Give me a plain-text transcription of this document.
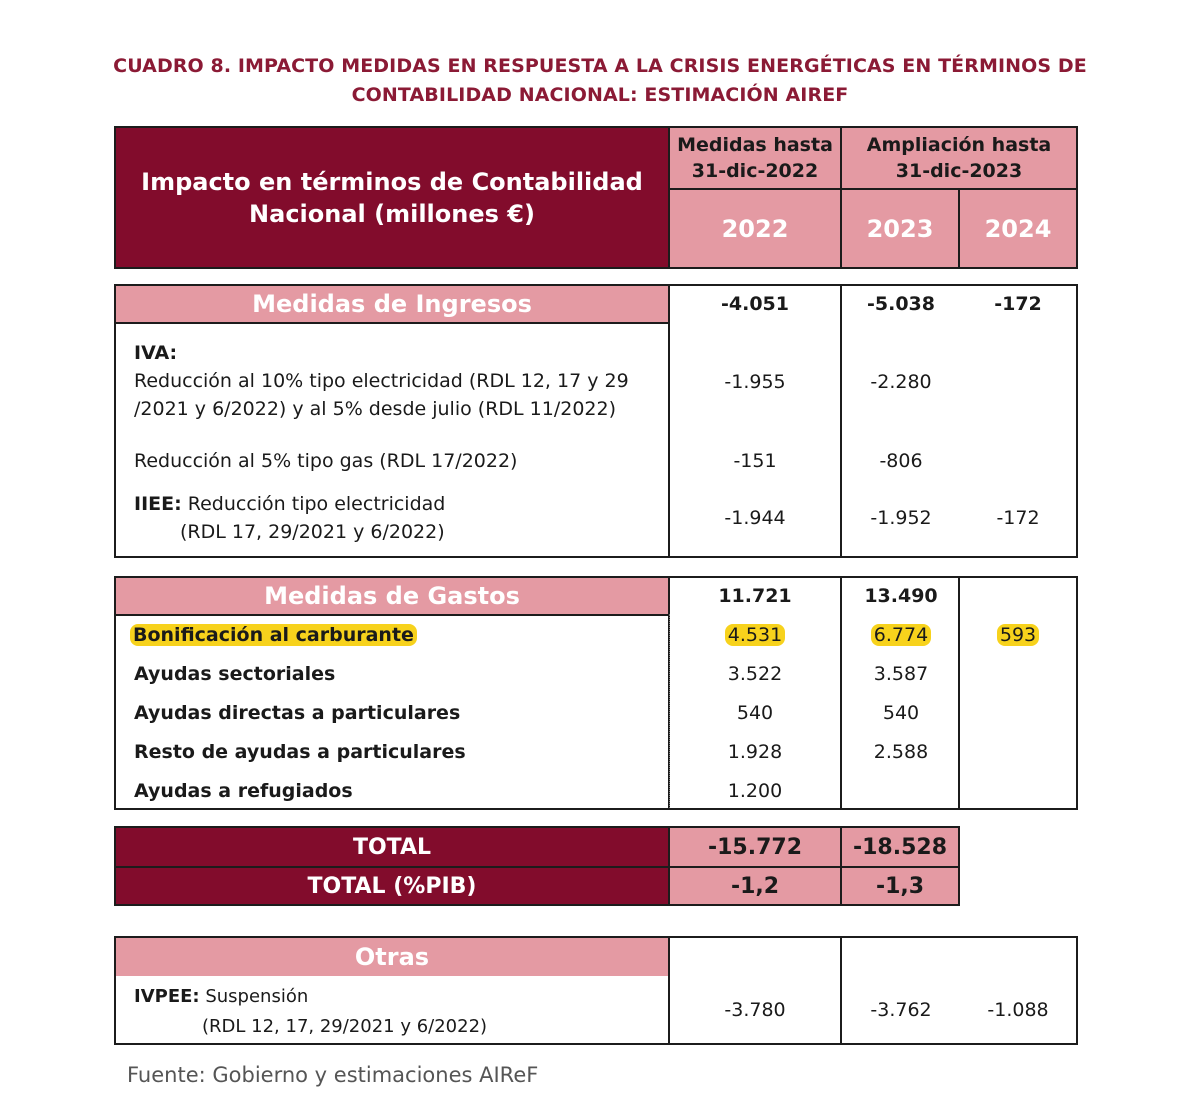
CUADRO 8. IMPACTO MEDIDAS EN RESPUESTA A LA CRISIS ENERGÉTICAS EN TÉRMINOS DE
CONTABILIDAD NACIONAL: ESTIMACIÓN AIREF
Impacto en términos de Contabilidad
Nacional (millones €)
Medidas hasta
31-dic-2022
Ampliación hasta
31-dic-2023
2022	2023	2024
Medidas de Ingresos	-4.051	-5.038	-172
IVA:
Reducción al 10% tipo electricidad (RDL 12, 17 y 29
/2021 y 6/2022) y al 5% desde julio (RDL 11/2022)
-1.955	-2.280
Reducción al 5% tipo gas (RDL 17/2022)	-151	-806
IIEE: Reducción tipo electricidad
(RDL 17, 29/2021 y 6/2022)
-1.944	-1.952	-172
Medidas de Gastos	11.721	13.490
Bonificación al carburante	4.531	6.774	593
Ayudas sectoriales	3.522	3.587
Ayudas directas a particulares	540	540
Resto de ayudas a particulares	1.928	2.588
Ayudas a refugiados	1.200
TOTAL	-15.772	-18.528
TOTAL (%PIB)	-1,2	-1,3
Otras
IVPEE: Suspensión
(RDL 12, 17, 29/2021 y 6/2022)
-3.780	-3.762	-1.088
Fuente: Gobierno y estimaciones AIReF
